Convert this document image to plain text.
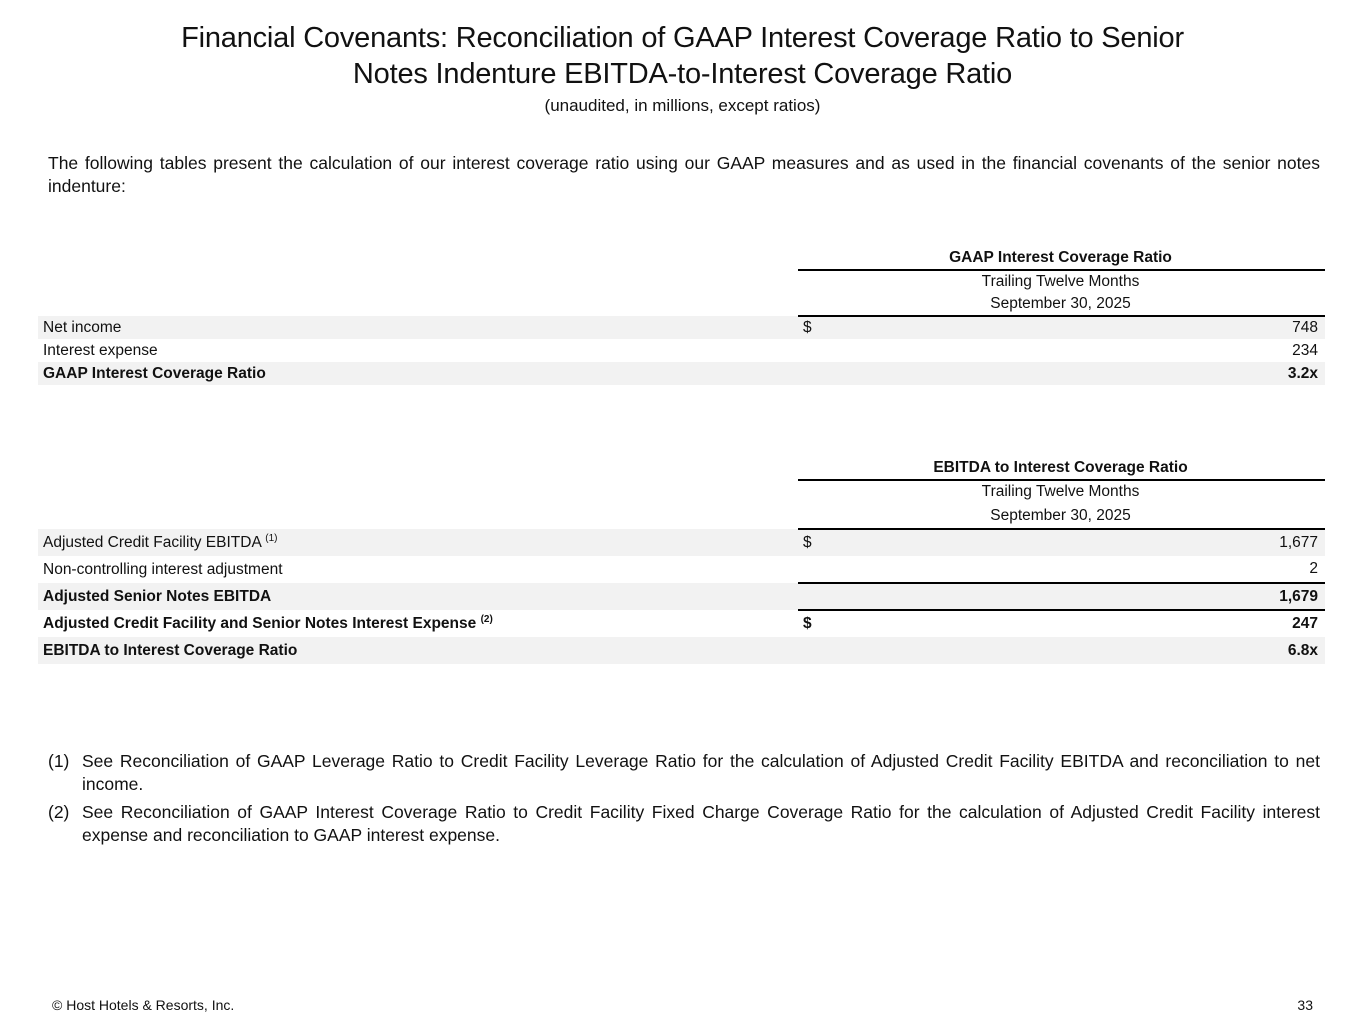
Financial Covenants: Reconciliation of GAAP Interest Coverage Ratio to Senior
Notes Indenture EBITDA-to-Interest Coverage Ratio
(unaudited, in millions, except ratios)

The following tables present the calculation of our interest coverage ratio using our GAAP measures and as used in the financial covenants of the senior notes indenture:

	GAAP Interest Coverage Ratio	
	Trailing Twelve Months	
	September 30, 2025	
Net income	$	748
Interest expense		234
GAAP Interest Coverage Ratio		3.2x
	EBITDA to Interest Coverage Ratio	
	Trailing Twelve Months	
	September 30, 2025	
Adjusted Credit Facility EBITDA $^{(1)}$	$	1,677
Non-controlling interest adjustment		2
Adjusted Senior Notes EBITDA		1,679
Adjusted Credit Facility and Senior Notes Interest Expense $^{(2)}$	$	247
EBITDA to Interest Coverage Ratio		6.8x
(1) See Reconciliation of GAAP Leverage Ratio to Credit Facility Leverage Ratio for the calculation of Adjusted Credit Facility EBITDA and reconciliation to net income.
(2) See Reconciliation of GAAP Interest Coverage Ratio to Credit Facility Fixed Charge Coverage Ratio for the calculation of Adjusted Credit Facility interest expense and reconciliation to GAAP interest expense.
© Host Hotels & Resorts, Inc.	33
